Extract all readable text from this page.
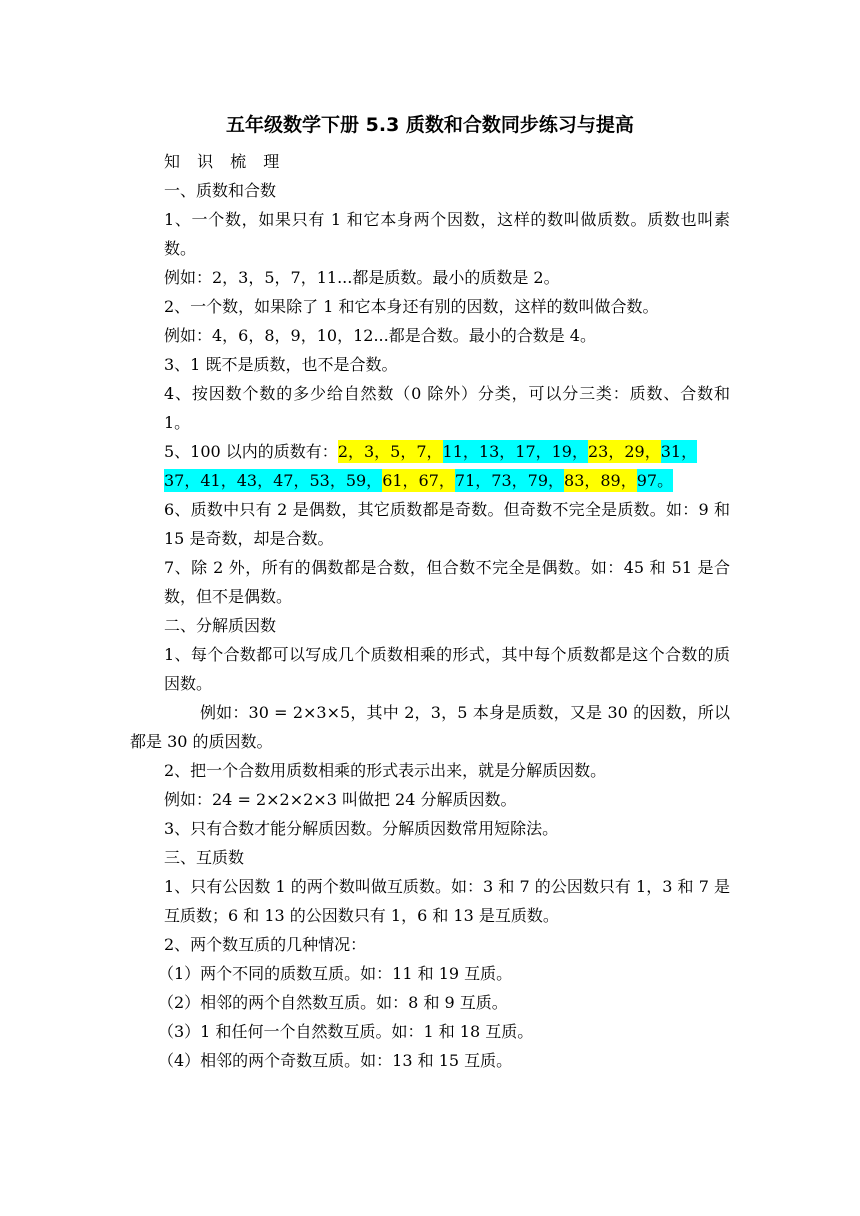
五年级数学下册 5.3 质数和合数同步练习与提高

知 识 梳 理

一、质数和合数

1、一个数，如果只有 1 和它本身两个因数，这样的数叫做质数。质数也叫素数。

例如：2，3，5，7，11...都是质数。最小的质数是 2。

2、一个数，如果除了 1 和它本身还有别的因数，这样的数叫做合数。

例如：4，6，8，9，10，12...都是合数。最小的合数是 4。

3、1 既不是质数，也不是合数。

4、按因数个数的多少给自然数（0 除外）分类，可以分三类：质数、合数和 1。

5、100 以内的质数有：2，3，5，7，11，13，17，19，23，29，31，37，41，43，47，53，59，61，67，71，73，79，83，89，97。

6、质数中只有 2 是偶数，其它质数都是奇数。但奇数不完全是质数。如：9 和 15 是奇数，却是合数。

7、除 2 外，所有的偶数都是合数，但合数不完全是偶数。如：45 和 51 是合数，但不是偶数。

二、分解质因数

1、每个合数都可以写成几个质数相乘的形式，其中每个质数都是这个合数的质因数。

例如：30 = 2×3×5，其中 2，3，5 本身是质数，又是 30 的因数，所以都是 30 的质因数。

2、把一个合数用质数相乘的形式表示出来，就是分解质因数。

例如：24 = 2×2×2×3 叫做把 24 分解质因数。

3、只有合数才能分解质因数。分解质因数常用短除法。

三、互质数

1、只有公因数 1 的两个数叫做互质数。如：3 和 7 的公因数只有 1，3 和 7 是互质数；6 和 13 的公因数只有 1，6 和 13 是互质数。

2、两个数互质的几种情况：

（1）两个不同的质数互质。如：11 和 19 互质。

（2）相邻的两个自然数互质。如：8 和 9 互质。

（3）1 和任何一个自然数互质。如：1 和 18 互质。

（4）相邻的两个奇数互质。如：13 和 15 互质。
